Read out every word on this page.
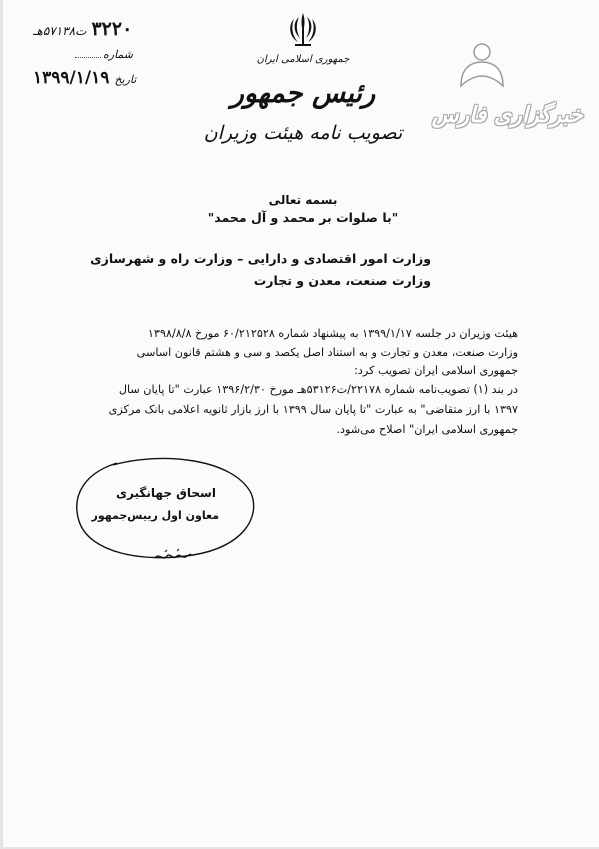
۳۲۲۰ ت۵۷۱۳۸هـ
شماره
تاریخ ۱۳۹۹/۱/۱۹
جمهوری اسلامی ایران
رئیس جمهور
تصویب نامه هیئت وزیران
خبرگزاری فارس
بسمه تعالی
"با صلوات بر محمد و آل محمد"
وزارت امور اقتصادی و دارایی – وزارت راه و شهرسازی
وزارت صنعت، معدن و تجارت
هیئت وزیران در جلسه ۱۳۹۹/۱/۱۷ به پیشنهاد شماره ۶۰/۲۱۲۵۲۸ مورخ ۱۳۹۸/۸/۸
وزارت صنعت، معدن و تجارت و به استناد اصل یکصد و سی و هشتم قانون اساسی
جمهوری اسلامی ایران تصویب کرد:
در بند (۱) تصویب‌نامه شماره ۲۲۱۷۸/ت۵۳۱۲۶هـ مورخ ۱۳۹۶/۲/۳۰ عبارت "تا پایان سال
۱۳۹۷ با ارز متقاضی" به عبارت "تا پایان سال ۱۳۹۹ با ارز بازار ثانویه اعلامی بانک مرکزی
جمهوری اسلامی ایران" اصلاح می‌شود.
اسحاق جهانگیری
معاون اول رییس‌جمهور
